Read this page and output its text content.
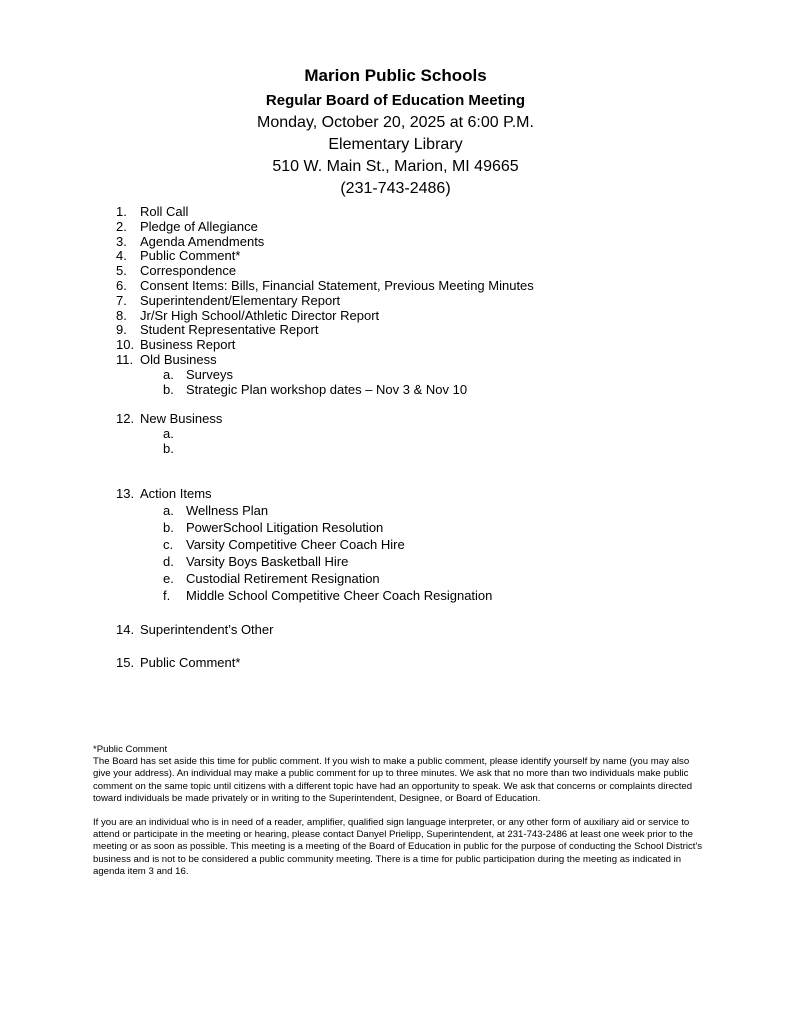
Marion Public Schools
Regular Board of Education Meeting
Monday, October 20, 2025 at 6:00 P.M.
Elementary Library
510 W. Main St., Marion, MI 49665
(231-743-2486)
1. Roll Call
2. Pledge of Allegiance
3. Agenda Amendments
4. Public Comment*
5. Correspondence
6. Consent Items: Bills, Financial Statement, Previous Meeting Minutes
7. Superintendent/Elementary Report
8. Jr/Sr High School/Athletic Director Report
9. Student Representative Report
10. Business Report
11. Old Business
a. Surveys
b. Strategic Plan workshop dates – Nov 3 & Nov 10
12. New Business
a.
b.
13. Action Items
a. Wellness Plan
b. PowerSchool Litigation Resolution
c. Varsity Competitive Cheer Coach Hire
d. Varsity Boys Basketball Hire
e. Custodial Retirement Resignation
f. Middle School Competitive Cheer Coach Resignation
14. Superintendent’s Other
15. Public Comment*

*Public Comment

The Board has set aside this time for public comment. If you wish to make a public comment, please identify yourself by name (you may also give your address). An individual may make a public comment for up to three minutes. We ask that no more than two individuals make public comment on the same topic until citizens with a different topic have had an opportunity to speak. We ask that concerns or complaints directed toward individuals be made privately or in writing to the Superintendent, Designee, or Board of Education.

If you are an individual who is in need of a reader, amplifier, qualified sign language interpreter, or any other form of auxiliary aid or service to attend or participate in the meeting or hearing, please contact Danyel Prielipp, Superintendent, at 231-743-2486 at least one week prior to the meeting or as soon as possible. This meeting is a meeting of the Board of Education in public for the purpose of conducting the School District's business and is not to be considered a public community meeting. There is a time for public participation during the meeting as indicated in agenda item 3 and 16.
